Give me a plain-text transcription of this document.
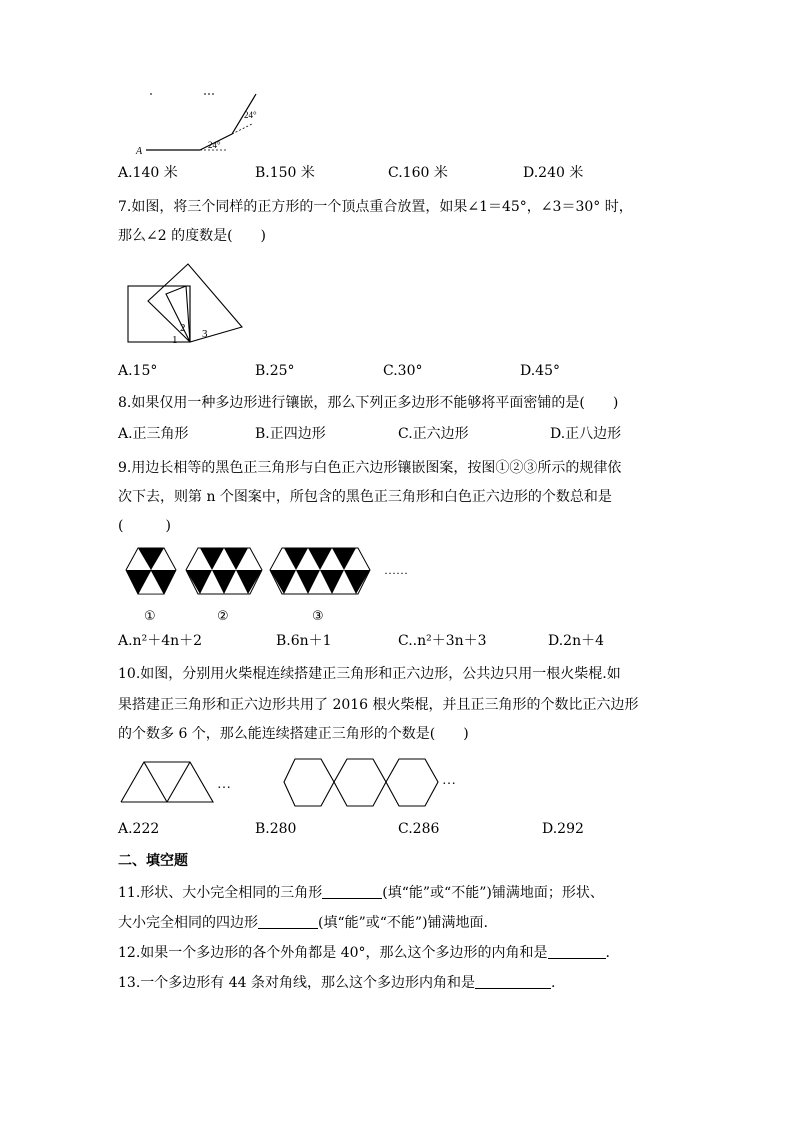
A
24°
24°
A.140 米	B.150 米	C.160 米	D.240 米
7.如图，将三个同样的正方形的一个顶点重合放置，如果∠1＝45°，∠3＝30° 时，
那么∠2 的度数是(　　)
1
2 3
A.15°	B.25°	C.30°	D.45°
8.如果仅用一种多边形进行镶嵌，那么下列正多边形不能够将平面密铺的是(　　)
A.正三角形	B.正四边形	C.正六边形	D.正八边形
9.用边长相等的黑色正三角形与白色正六边形镶嵌图案，按图①②③所示的规律依
次下去，则第 n 个图案中，所包含的黑色正三角形和白色正六边形的个数总和是
(　　　)
……
①	②	③
A.n²＋4n＋2	B.6n＋1	C..n²＋3n＋3	D.2n＋4
10.如图，分别用火柴棍连续搭建正三角形和正六边形，公共边只用一根火柴棍.如
果搭建正三角形和正六边形共用了 2016 根火柴棍，并且正三角形的个数比正六边形
的个数多 6 个，那么能连续搭建正三角形的个数是(　　)
…	…
A.222	B.280	C.286	D.292
二、填空题
11.形状、大小完全相同的三角形	(填“能”或“不能”)铺满地面；形状、
大小完全相同的四边形	(填“能”或“不能”)铺满地面.
12.如果一个多边形的各个外角都是 40°，那么这个多边形的内角和是	.
13.一个多边形有 44 条对角线，那么这个多边形内角和是	.
